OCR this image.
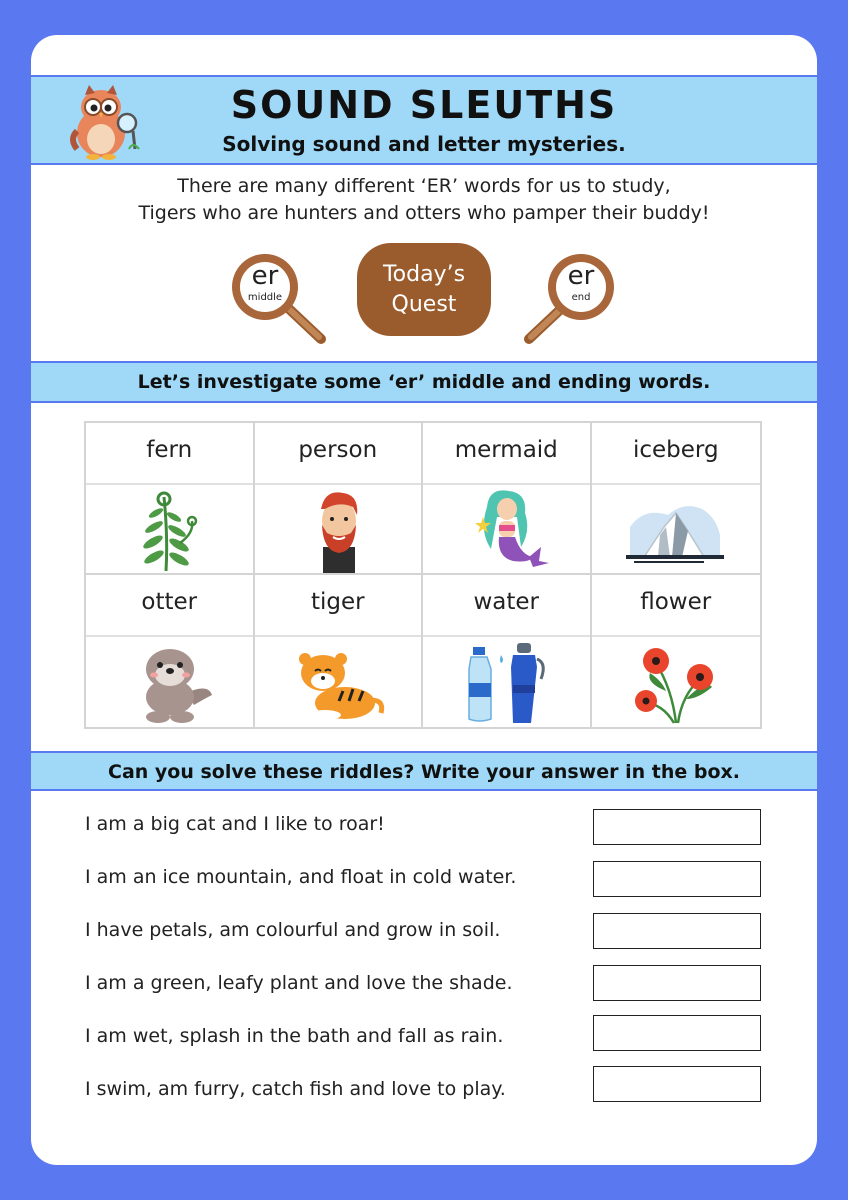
SOUND SLEUTHS
Solving sound and letter mysteries.
There are many different ‘ER’ words for us to study,
Tigers who are hunters and otters who pamper their buddy!
er
middle
Today’s
Quest
er
end
Let’s investigate some ‘er’ middle and ending words.
fern	person	mermaid	iceberg
otter	tiger	water	flower
Can you solve these riddles? Write your answer in the box.
I am a big cat and I like to roar!
I am an ice mountain, and float in cold water.
I have petals, am colourful and grow in soil.
I am a green, leafy plant and love the shade.
I am wet, splash in the bath and fall as rain.
I swim, am furry, catch fish and love to play.
